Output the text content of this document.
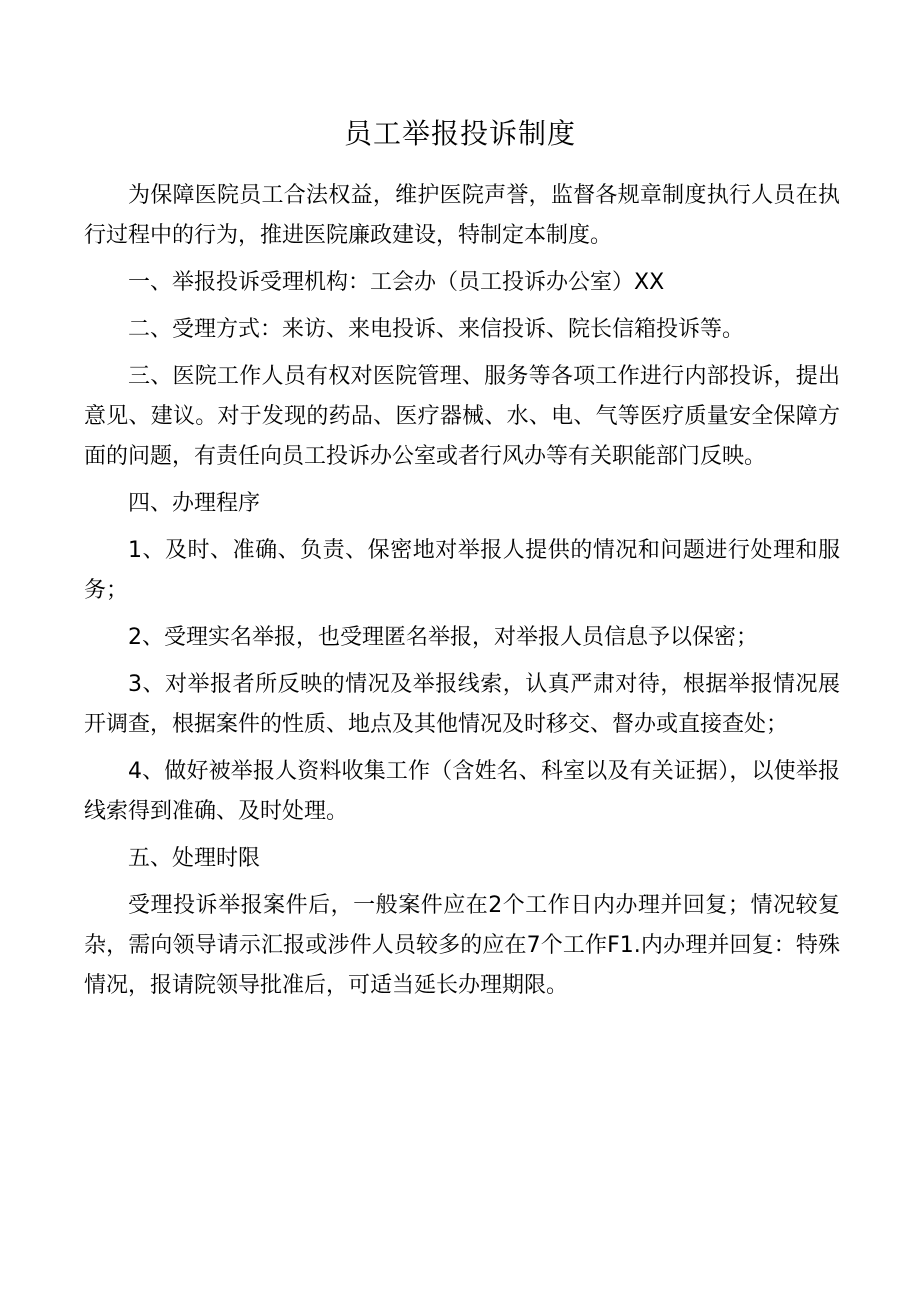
员工举报投诉制度

为保障医院员工合法权益，维护医院声誉，监督各规章制度执行人员在执行过程中的行为，推进医院廉政建设，特制定本制度。

一、举报投诉受理机构：工会办（员工投诉办公室）XX

二、受理方式：来访、来电投诉、来信投诉、院长信箱投诉等。

三、医院工作人员有权对医院管理、服务等各项工作进行内部投诉，提出意见、建议。对于发现的药品、医疗器械、水、电、气等医疗质量安全保障方面的问题，有责任向员工投诉办公室或者行风办等有关职能部门反映。

四、办理程序

1、及时、准确、负责、保密地对举报人提供的情况和问题进行处理和服务；

2、受理实名举报，也受理匿名举报，对举报人员信息予以保密；

3、对举报者所反映的情况及举报线索，认真严肃对待，根据举报情况展开调查，根据案件的性质、地点及其他情况及时移交、督办或直接查处；

4、做好被举报人资料收集工作（含姓名、科室以及有关证据），以使举报线索得到准确、及时处理。

五、处理时限

受理投诉举报案件后，一般案件应在2个工作日内办理并回复；情况较复杂，需向领导请示汇报或涉件人员较多的应在7个工作F1.内办理并回复：特殊情况，报请院领导批准后，可适当延长办理期限。
